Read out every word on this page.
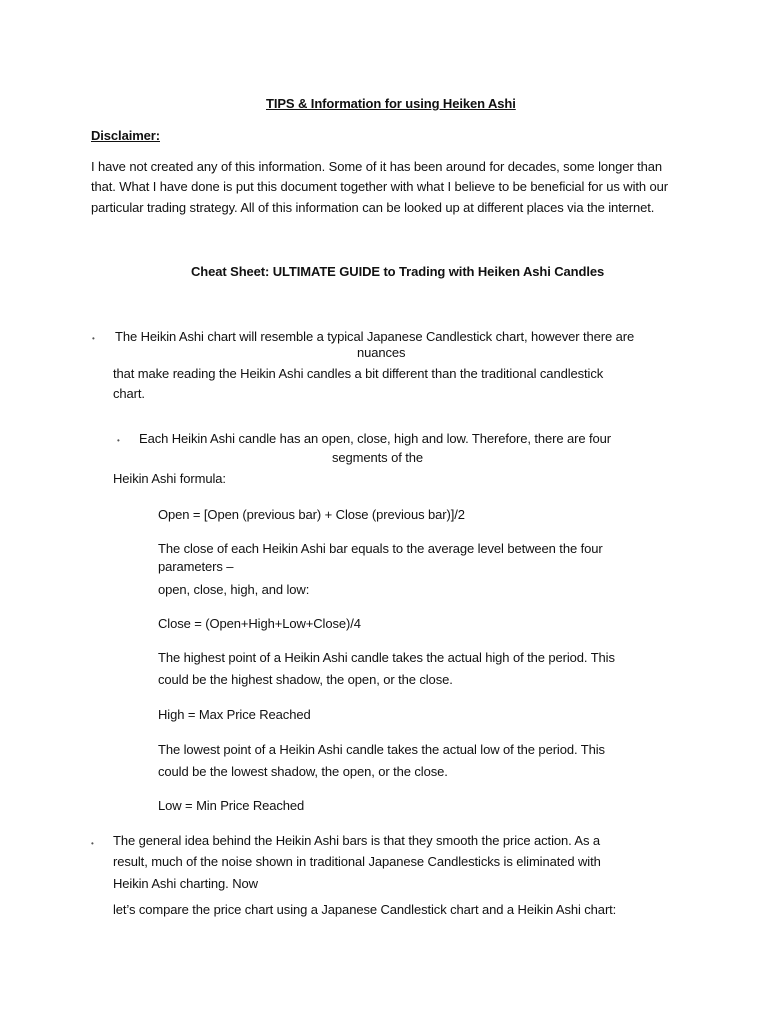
TIPS & Information for using Heiken Ashi
Disclaimer:
I have not created any of this information. Some of it has been around for decades, some longer than
that. What I have done is put this document together with what I believe to be beneficial for us with our
particular trading strategy. All of this information can be looked up at different places via the internet.
Cheat Sheet: ULTIMATE GUIDE to Trading with Heiken Ashi Candles
• The Heikin Ashi chart will resemble a typical Japanese Candlestick chart, however there are
nuances
that make reading the Heikin Ashi candles a bit different than the traditional candlestick
chart.
• Each Heikin Ashi candle has an open, close, high and low. Therefore, there are four
segments of the
Heikin Ashi formula:
Open = [Open (previous bar) + Close (previous bar)]/2
The close of each Heikin Ashi bar equals to the average level between the four
parameters –
open, close, high, and low:
Close = (Open+High+Low+Close)/4
The highest point of a Heikin Ashi candle takes the actual high of the period. This
could be the highest shadow, the open, or the close.
High = Max Price Reached
The lowest point of a Heikin Ashi candle takes the actual low of the period. This
could be the lowest shadow, the open, or the close.
Low = Min Price Reached
• The general idea behind the Heikin Ashi bars is that they smooth the price action. As a
result, much of the noise shown in traditional Japanese Candlesticks is eliminated with
Heikin Ashi charting. Now
let’s compare the price chart using a Japanese Candlestick chart and a Heikin Ashi chart:
